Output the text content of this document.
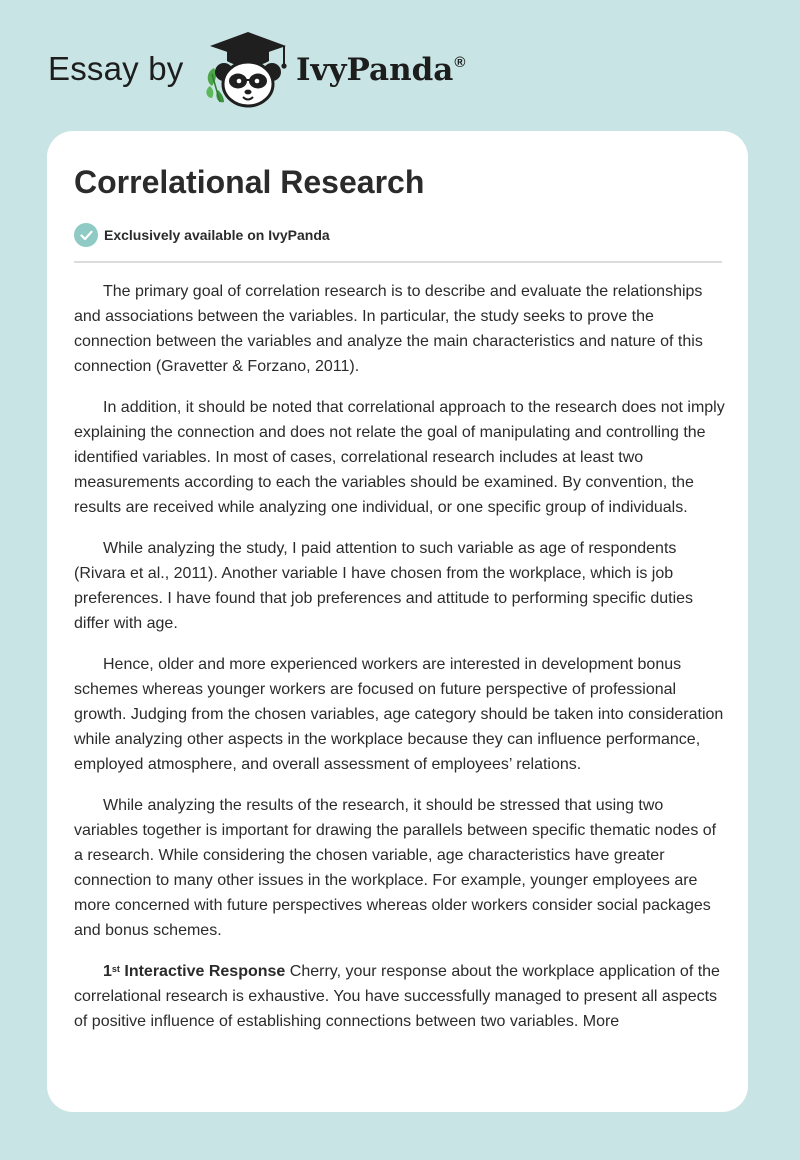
Essay by	IvyPanda®
Correlational Research
Exclusively available on IvyPanda

The primary goal of correlation research is to describe and evaluate the relationships and associations between the variables. In particular, the study seeks to prove the connection between the variables and analyze the main characteristics and nature of this connection (Gravetter & Forzano, 2011).

In addition, it should be noted that correlational approach to the research does not imply explaining the connection and does not relate the goal of manipulating and controlling the identified variables. In most of cases, correlational research includes at least two measurements according to each the variables should be examined. By convention, the results are received while analyzing one individual, or one specific group of individuals.

While analyzing the study, I paid attention to such variable as age of respondents (Rivara et al., 2011). Another variable I have chosen from the workplace, which is job preferences. I have found that job preferences and attitude to performing specific duties differ with age.

Hence, older and more experienced workers are interested in development bonus schemes whereas younger workers are focused on future perspective of professional growth. Judging from the chosen variables, age category should be taken into consideration while analyzing other aspects in the workplace because they can influence performance, employed atmosphere, and overall assessment of employees’ relations.

While analyzing the results of the research, it should be stressed that using two variables together is important for drawing the parallels between specific thematic nodes of a research. While considering the chosen variable, age characteristics have greater connection to many other issues in the workplace. For example, younger employees are more concerned with future perspectives whereas older workers consider social packages and bonus schemes.

1st Interactive Response Cherry, your response about the workplace application of the correlational research is exhaustive. You have successfully managed to present all aspects of positive influence of establishing connections between two variables. More
